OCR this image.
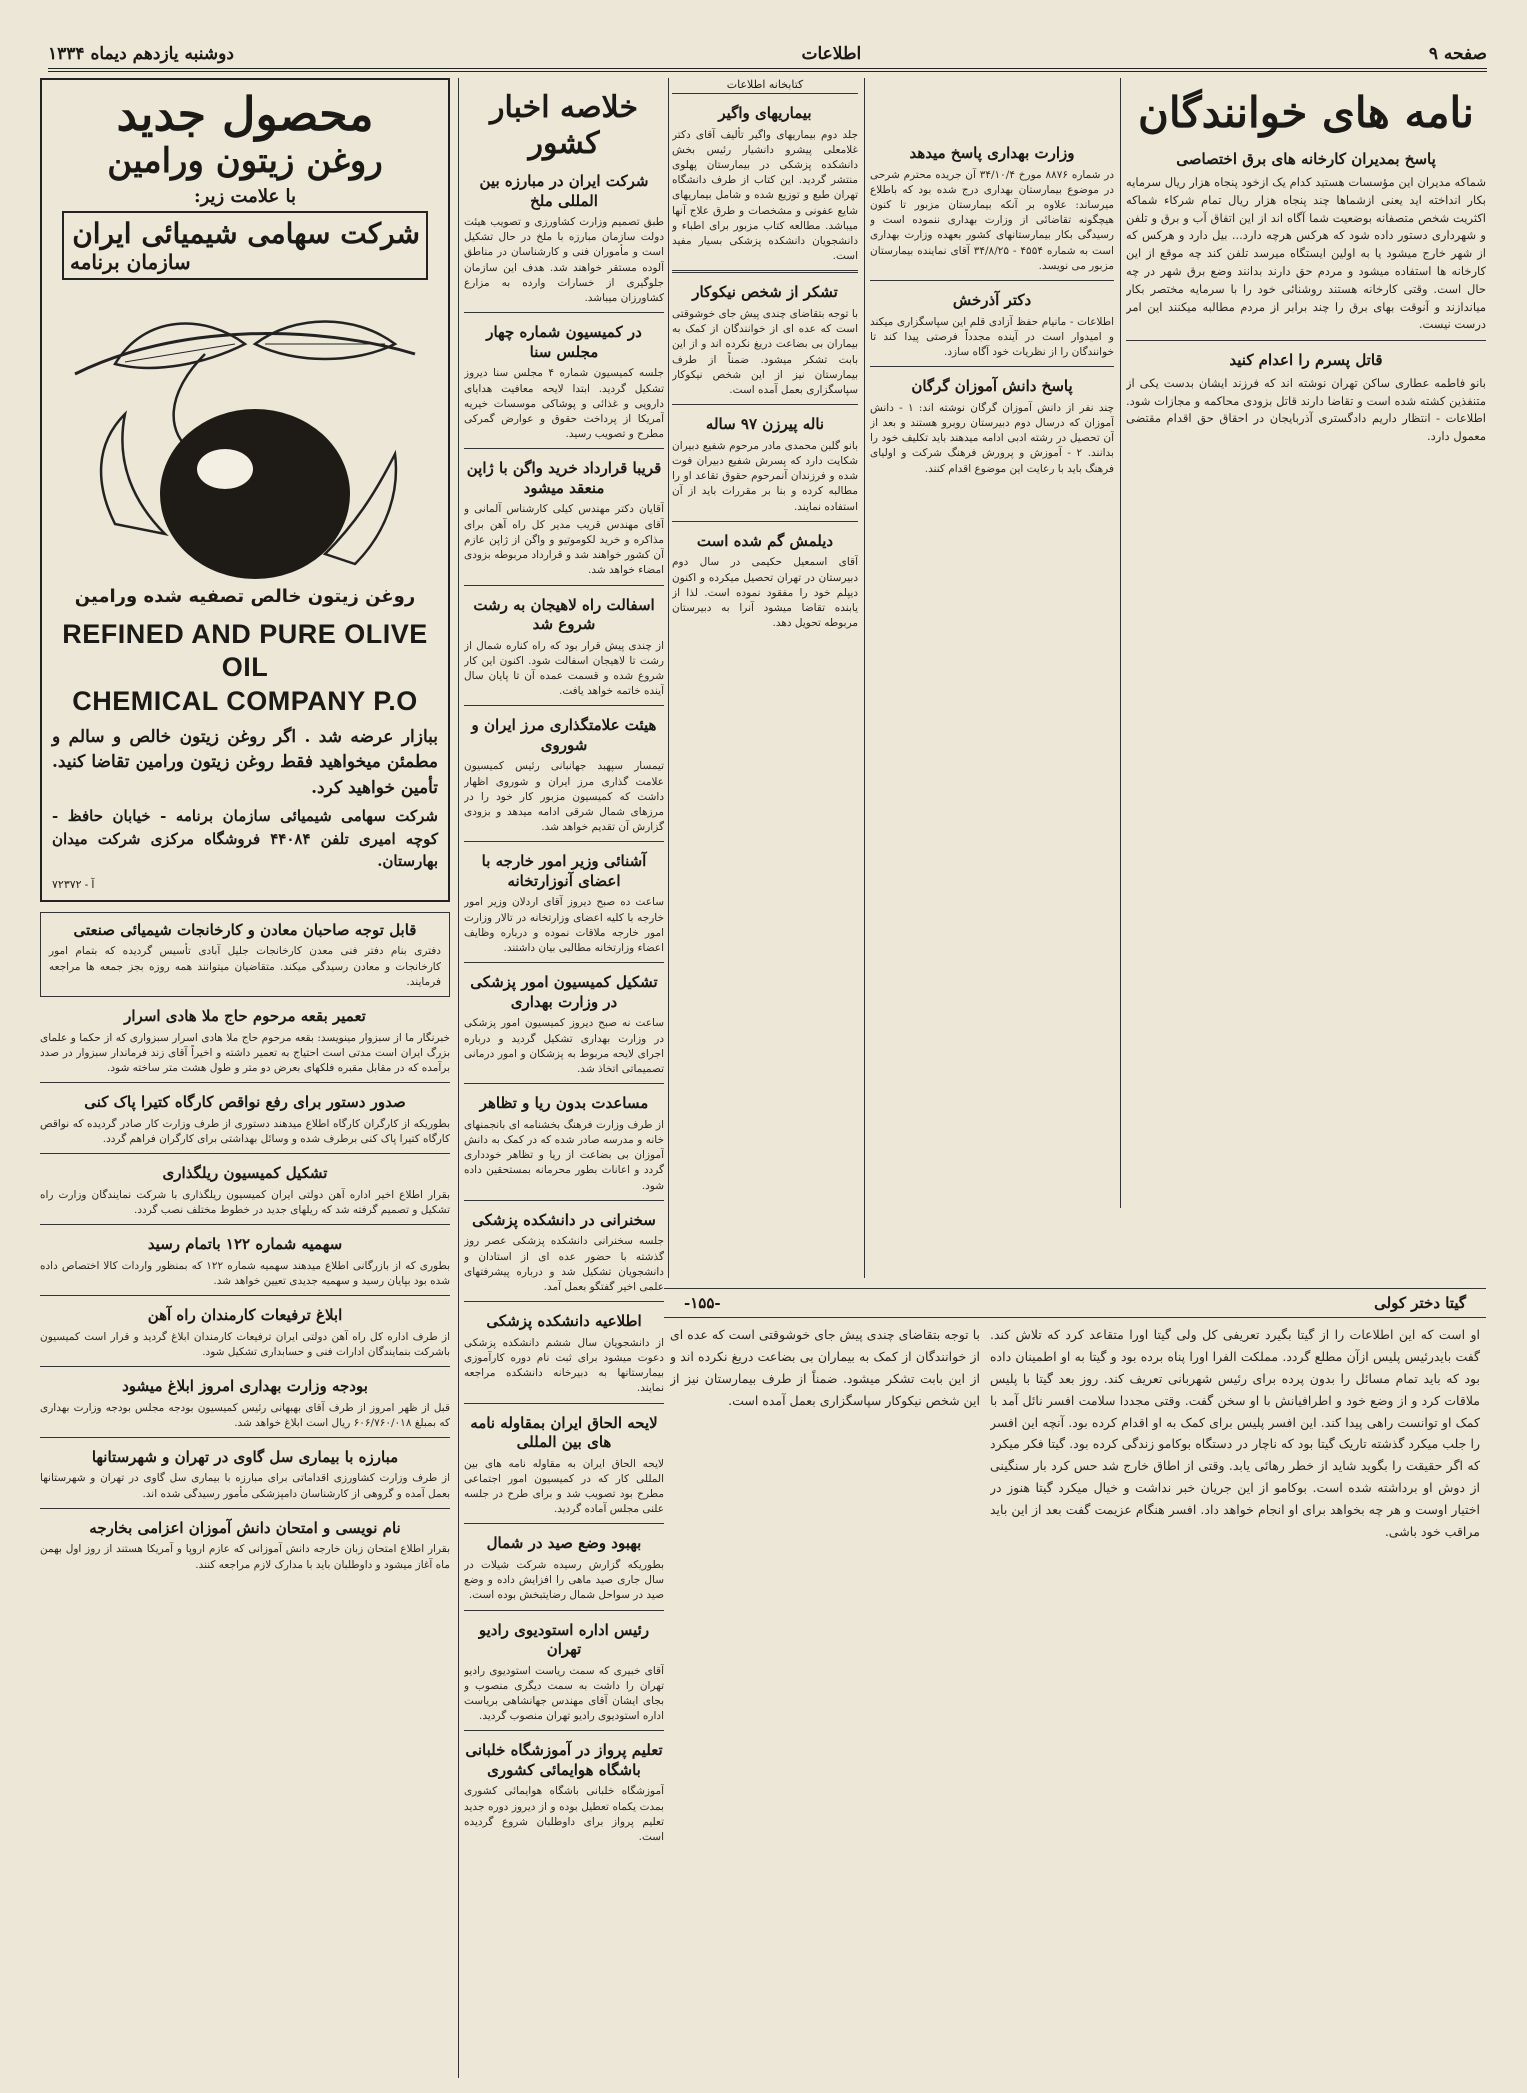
صفحه ۹
اطلاعات
دوشنبه یازدهم دیماه ۱۳۳۴
نامه های خوانندگان
پاسخ بمدیران کارخانه های برق اختصاصی
شماکه مدیران این مؤسسات هستید کدام یک ازخود پنجاه هزار ریال سرمایه بکار انداخته اید یعنی ازشماها چند پنجاه هزار ریال تمام شرکاء شماکه اکثریت شخص متصفانه بوضعیت شما آگاه اند از این اتفاق آب و برق و تلفن و شهرداری دستور داده شود که هرکس هرچه دارد... بیل دارد و هرکس که از شهر خارج میشود یا به اولین ایستگاه میرسد تلفن کند چه موقع از این کارخانه ها استفاده میشود و مردم حق دارند بدانند وضع برق شهر در چه حال است. وقتی کارخانه هستند روشنائی خود را با سرمایه مختصر بکار میاندازند و آنوقت بهای برق را چند برابر از مردم مطالبه میکنند این امر درست نیست.
قاتل پسرم را اعدام کنید
بانو فاطمه عطاری ساکن تهران نوشته اند که فرزند ایشان بدست یکی از متنفذین کشته شده است و تقاضا دارند قاتل بزودی محاکمه و مجازات شود. اطلاعات - انتظار داریم دادگستری آذربایجان در احقاق حق اقدام مقتضی معمول دارد.
وزارت بهداری پاسخ میدهد
در شماره ۸۸۷۶ مورخ ۳۴/۱۰/۴ آن جریده محترم شرحی در موضوع بیمارستان بهداری درج شده بود که باطلاع میرساند: علاوه بر آنکه بیمارستان مزبور تا کنون هیچگونه تقاضائی از وزارت بهداری ننموده است و رسیدگی بکار بیمارستانهای کشور بعهده وزارت بهداری است به شماره ۴۵۵۴ - ۳۴/۸/۲۵ آقای نماینده بیمارستان مزبور می نویسد.
دکتر آذرخش
اطلاعات - مانیام حفظ آزادی قلم این سپاسگزاری میکند و امیدوار است در آینده مجدداً فرصتی پیدا کند تا خوانندگان را از نظریات خود آگاه سازد.
پاسخ دانش آموزان گرگان
چند نفر از دانش آموزان گرگان نوشته اند: ۱ - دانش آموزان که درسال دوم دبیرستان روبرو هستند و بعد از آن تحصیل در رشته ادبی ادامه میدهند باید تکلیف خود را بدانند. ۲ - آموزش و پرورش فرهنگ شرکت و اولیای فرهنگ باید با رعایت این موضوع اقدام کنند.
کتابخانه اطلاعات
بیماریهای واگیر
جلد دوم بیماریهای واگیر تألیف آقای دکتر غلامعلی پیشرو دانشیار رئیس بخش دانشکده پزشکی در بیمارستان پهلوی منتشر گردید. این کتاب از طرف دانشگاه تهران طبع و توزیع شده و شامل بیماریهای شایع عفونی و مشخصات و طرق علاج آنها میباشد. مطالعه کتاب مزبور برای اطباء و دانشجویان دانشکده پزشکی بسیار مفید است.
تشکر از شخص نیکوکار
با توجه بتقاضای چندی پیش جای خوشوقتی است که عده ای از خوانندگان از کمک به بیماران بی بضاعت دریغ نکرده اند و از این بابت تشکر میشود. ضمناً از طرف بیمارستان نیز از این شخص نیکوکار سپاسگزاری بعمل آمده است.
ناله پیرزن ۹۷ ساله
بانو گلبن محمدی مادر مرحوم شفیع دبیران شکایت دارد که پسرش شفیع دبیران فوت شده و فرزندان آنمرحوم حقوق تقاعد او را مطالبه کرده و بنا بر مقررات باید از آن استفاده نمایند.
دیلمش گم شده است
آقای اسمعیل حکیمی در سال دوم دبیرستان در تهران تحصیل میکرده و اکنون دیپلم خود را مفقود نموده است. لذا از یابنده تقاضا میشود آنرا به دبیرستان مربوطه تحویل دهد.
گیتا دختر کولی
-۱۵۵-
او است که این اطلاعات را از گیتا بگیرد تعریفی کل ولی گیتا اورا متقاعد کرد که تلاش کند. گفت بایدرئیس پلیس ازآن مطلع گردد. مملکت الفرا اورا پناه برده بود و گیتا به او اطمینان داده بود که باید تمام مسائل را بدون پرده برای رئیس شهربانی تعریف کند. روز بعد گیتا با پلیس ملاقات کرد و از وضع خود و اطرافیانش با او سخن گفت. وقتی مجددا سلامت افسر نائل آمد با کمک او توانست راهی پیدا کند. این افسر پلیس برای کمک به او اقدام کرده بود. آنچه این افسر را جلب میکرد گذشته تاریک گیتا بود که ناچار در دستگاه بوکامو زندگی کرده بود. گیتا فکر میکرد که اگر حقیقت را بگوید شاید از خطر رهائی یابد. وقتی از اطاق خارج شد حس کرد بار سنگینی از دوش او برداشته شده است. بوکامو از این جریان خبر نداشت و خیال میکرد گیتا هنوز در اختیار اوست و هر چه بخواهد برای او انجام خواهد داد. افسر هنگام عزیمت گفت بعد از این باید مراقب خود باشی.
با توجه بتقاضای چندی پیش جای خوشوقتی است که عده ای از خوانندگان از کمک به بیماران بی بضاعت دریغ نکرده اند و از این بابت تشکر میشود. ضمناً از طرف بیمارستان نیز از این شخص نیکوکار سپاسگزاری بعمل آمده است.
خلاصه اخبار کشور
شرکت ایران در مبارزه بین المللی ملخ
طبق تصمیم وزارت کشاورزی و تصویب هیئت دولت سازمان مبارزه با ملخ در حال تشکیل است و مأموران فنی و کارشناسان در مناطق آلوده مستقر خواهند شد. هدف این سازمان جلوگیری از خسارات وارده به مزارع کشاورزان میباشد.
در کمیسیون شماره چهار مجلس سنا
جلسه کمیسیون شماره ۴ مجلس سنا دیروز تشکیل گردید. ابتدا لایحه معافیت هدایای دارویی و غذائی و پوشاکی موسسات خیریه آمریکا از پرداخت حقوق و عوارض گمرکی مطرح و تصویب رسید.
قریبا قرارداد خرید واگن با ژاپن منعقد میشود
آقایان دکتر مهندس کیلی کارشناس آلمانی و آقای مهندس قریب مدیر کل راه آهن برای مذاکره و خرید لکوموتیو و واگن از ژاپن عازم آن کشور خواهند شد و قرارداد مربوطه بزودی امضاء خواهد شد.
اسفالت راه لاهیجان به رشت شروع شد
از چندی پیش قرار بود که راه کناره شمال از رشت تا لاهیجان اسفالت شود. اکنون این کار شروع شده و قسمت عمده آن تا پایان سال آینده خاتمه خواهد یافت.
هیئت علامتگذاری مرز ایران و شوروی
تیمسار سپهبد جهانبانی رئیس کمیسیون علامت گذاری مرز ایران و شوروی اظهار داشت که کمیسیون مزبور کار خود را در مرزهای شمال شرقی ادامه میدهد و بزودی گزارش آن تقدیم خواهد شد.
آشنائی وزیر امور خارجه با اعضای آنوزارتخانه
ساعت ده صبح دیروز آقای اردلان وزیر امور خارجه با کلیه اعضای وزارتخانه در تالار وزارت امور خارجه ملاقات نموده و درباره وظایف اعضاء وزارتخانه مطالبی بیان داشتند.
تشکیل کمیسیون امور پزشکی در وزارت بهداری
ساعت نه صبح دیروز کمیسیون امور پزشکی در وزارت بهداری تشکیل گردید و درباره اجرای لایحه مربوط به پزشکان و امور درمانی تصمیماتی اتخاذ شد.
مساعدت بدون ریا و تظاهر
از طرف وزارت فرهنگ بخشنامه ای بانجمنهای خانه و مدرسه صادر شده که در کمک به دانش آموزان بی بضاعت از ریا و تظاهر خودداری گردد و اعانات بطور محرمانه بمستحقین داده شود.
سخنرانی در دانشکده پزشکی
جلسه سخنرانی دانشکده پزشکی عصر روز گذشته با حضور عده ای از استادان و دانشجویان تشکیل شد و درباره پیشرفتهای علمی اخیر گفتگو بعمل آمد.
اطلاعیه دانشکده پزشکی
از دانشجویان سال ششم دانشکده پزشکی دعوت میشود برای ثبت نام دوره کارآموزی بیمارستانها به دبیرخانه دانشکده مراجعه نمایند.
لایحه الحاق ایران بمقاوله نامه های بین المللی
لایحه الحاق ایران به مقاوله نامه های بین المللی کار که در کمیسیون امور اجتماعی مطرح بود تصویب شد و برای طرح در جلسه علنی مجلس آماده گردید.
بهبود وضع صید در شمال
بطوریکه گزارش رسیده شرکت شیلات در سال جاری صید ماهی را افزایش داده و وضع صید در سواحل شمال رضایتبخش بوده است.
رئیس اداره استودیوی رادیو تهران
آقای خبیری که سمت ریاست استودیوی رادیو تهران را داشت به سمت دیگری منصوب و بجای ایشان آقای مهندس جهانشاهی بریاست اداره استودیوی رادیو تهران منصوب گردید.
تعلیم پرواز در آموزشگاه خلبانی باشگاه هوایمائی کشوری
آموزشگاه خلبانی باشگاه هوایمائی کشوری بمدت یکماه تعطیل بوده و از دیروز دوره جدید تعلیم پرواز برای داوطلبان شروع گردیده است.
محصول جدید
روغن زیتون ورامین
با علامت زیر:
شرکت سهامی شیمیائی ایران
سازمان برنامه
روغن زیتون خالص تصفیه شده ورامین
REFINED AND PURE OLIVE OIL
CHEMICAL COMPANY P.O
ببازار عرضه شد . اگر روغن زیتون خالص و سالم و مطمئن میخواهید فقط روغن زیتون ورامین تقاضا کنید. تأمین خواهید کرد.
شرکت سهامی شیمیائی سازمان برنامه - خیابان حافظ - کوچه امیری تلفن ۴۴۰۸۴ فروشگاه مرکزی شرکت میدان بهارستان.
آ - ۷۲۳۷۲
قابل توجه صاحبان معادن و کارخانجات شیمیائی صنعتی
دفتری بنام دفتر فنی معدن کارخانجات جلیل آبادی تأسیس گردیده که بتمام امور کارخانجات و معادن رسیدگی میکند. متقاضیان میتوانند همه روزه بجز جمعه ها مراجعه فرمایند.
تعمیر بقعه مرحوم حاج ملا هادی اسرار
خبرنگار ما از سبزوار مینویسد: بقعه مرحوم حاج ملا هادی اسرار سبزواری که از حکما و علمای بزرگ ایران است مدتی است احتیاج به تعمیر داشته و اخیراً آقای زند فرماندار سبزوار در صدد برآمده که در مقابل مقبره فلکهای بعرض دو متر و طول هشت متر ساخته شود.
صدور دستور برای رفع نواقص کارگاه کتیرا پاک کنی
بطوریکه از کارگران کارگاه اطلاع میدهند دستوری از طرف وزارت کار صادر گردیده که نواقص کارگاه کتیرا پاک کنی برطرف شده و وسائل بهداشتی برای کارگران فراهم گردد.
تشکیل کمیسیون ریلگذاری
بقرار اطلاع اخیر اداره آهن دولتی ایران کمیسیون ریلگذاری با شرکت نمایندگان وزارت راه تشکیل و تصمیم گرفته شد که ریلهای جدید در خطوط مختلف نصب گردد.
سهمیه شماره ۱۲۲ باتمام رسید
بطوری که از بازرگانی اطلاع میدهند سهمیه شماره ۱۲۲ که بمنظور واردات کالا اختصاص داده شده بود بپایان رسید و سهمیه جدیدی تعیین خواهد شد.
ابلاغ ترفیعات کارمندان راه آهن
از طرف اداره کل راه آهن دولتی ایران ترفیعات کارمندان ابلاغ گردید و قرار است کمیسیون باشرکت بنمایندگان ادارات فنی و حسابداری تشکیل شود.
بودجه وزارت بهداری امروز ابلاغ میشود
قبل از ظهر امروز از طرف آقای بهبهانی رئیس کمیسیون بودجه مجلس بودجه وزارت بهداری که بمبلغ ۶۰۶/۷۶۰/۰۱۸ ریال است ابلاغ خواهد شد.
مبارزه با بیماری سل گاوی در تهران و شهرستانها
از طرف وزارت کشاورزی اقداماتی برای مبارزه با بیماری سل گاوی در تهران و شهرستانها بعمل آمده و گروهی از کارشناسان دامپزشکی مأمور رسیدگی شده اند.
نام نویسی و امتحان دانش آموزان اعزامی بخارجه
بقرار اطلاع امتحان زبان خارجه دانش آموزانی که عازم اروپا و آمریکا هستند از روز اول بهمن ماه آغاز میشود و داوطلبان باید با مدارک لازم مراجعه کنند.
